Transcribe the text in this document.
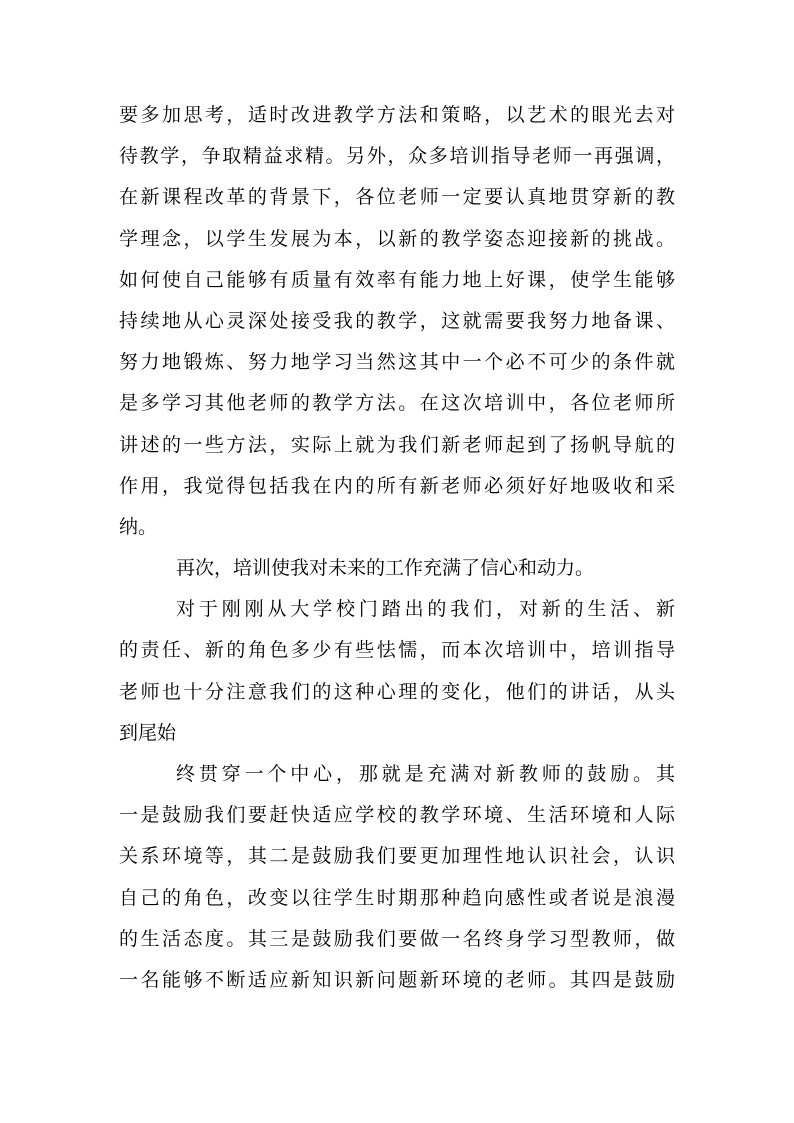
要多加思考，适时改进教学方法和策略，以艺术的眼光去对
待教学，争取精益求精。另外，众多培训指导老师一再强调，
在新课程改革的背景下，各位老师一定要认真地贯穿新的教
学理念，以学生发展为本，以新的教学姿态迎接新的挑战。
如何使自己能够有质量有效率有能力地上好课，使学生能够
持续地从心灵深处接受我的教学，这就需要我努力地备课、
努力地锻炼、努力地学习当然这其中一个必不可少的条件就
是多学习其他老师的教学方法。在这次培训中，各位老师所
讲述的一些方法，实际上就为我们新老师起到了扬帆导航的
作用，我觉得包括我在内的所有新老师必须好好地吸收和采
纳。
再次，培训使我对未来的工作充满了信心和动力。
对于刚刚从大学校门踏出的我们，对新的生活、新
的责任、新的角色多少有些怯懦，而本次培训中，培训指导
老师也十分注意我们的这种心理的变化，他们的讲话，从头
到尾始
终贯穿一个中心，那就是充满对新教师的鼓励。其
一是鼓励我们要赶快适应学校的教学环境、生活环境和人际
关系环境等，其二是鼓励我们要更加理性地认识社会，认识
自己的角色，改变以往学生时期那种趋向感性或者说是浪漫
的生活态度。其三是鼓励我们要做一名终身学习型教师，做
一名能够不断适应新知识新问题新环境的老师。其四是鼓励
